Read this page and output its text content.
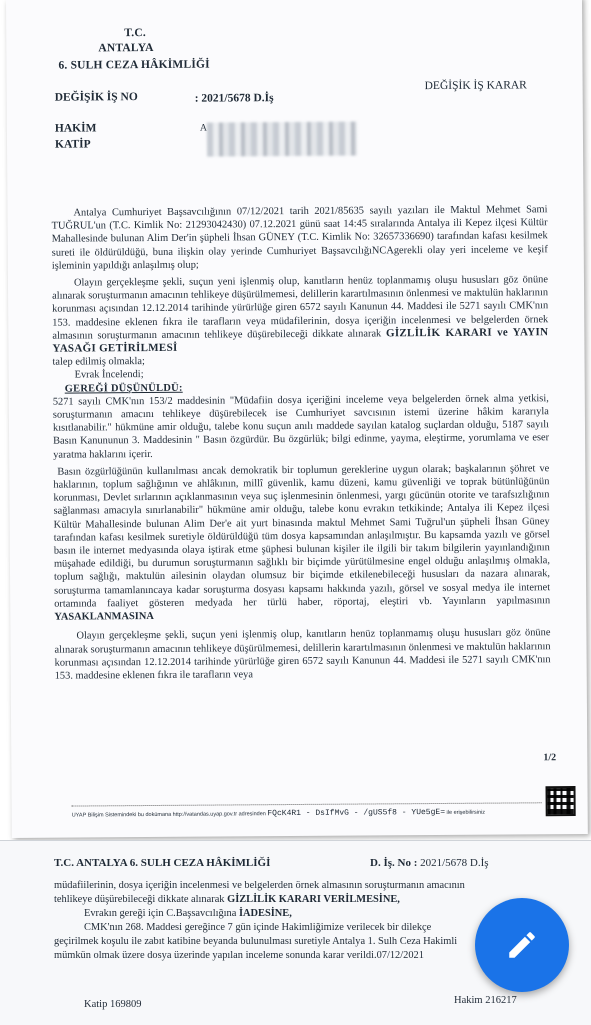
T.C.
ANTALYA
6. SULH CEZA HÂKİMLİĞİ
DEĞİŞİK İŞ KARAR
DEĞİŞİK İŞ NO	: 2021/5678 D.İş
HAKİM
KATİP
A

Antalya Cumhuriyet Başsavcılığının 07/12/2021 tarih 2021/85635 sayılı yazıları ile Maktul Mehmet Sami TUĞRUL'un (T.C. Kimlik No: 21293042430) 07.12.2021 günü saat 14:45 sıralarında Antalya ili Kepez ilçesi Kültür Mahallesinde bulunan Alim Der'in şüpheli İhsan GÜNEY (T.C. Kimlik No: 32657336690) tarafından kafası kesilmek sureti ile öldürüldüğü, buna ilişkin olay yerinde Cumhuriyet BaşsavcılığıNCAgerekli olay yeri inceleme ve keşif işleminin yapıldığı anlaşılmış olup;

Olayın gerçekleşme şekli, suçun yeni işlenmiş olup, kanıtların henüz toplanmamış oluşu hususları göz önüne alınarak soruşturmanın amacının tehlikeye düşürülmemesi, delillerin karartılmasının önlenmesi ve maktulün haklarının korunması açısından 12.12.2014 tarihinde yürürlüğe giren 6572 sayılı Kanunun 44. Maddesi ile 5271 sayılı CMK'nın 153. maddesine eklenen fıkra ile tarafların veya müdafilerinin, dosya içeriğin incelenmesi ve belgelerden örnek almasının soruşturmanın amacının tehlikeye düşürebileceği dikkate alınarak GİZLİLİK KARARI ve YAYIN YASAĞI GETİRİLMESİ

talep edilmiş olmakla;

Evrak İncelendi;

GEREĞİ DÜŞÜNÜLDÜ:

5271 sayılı CMK'nın 153/2 maddesinin "Müdafiin dosya içeriğini inceleme veya belgelerden örnek alma yetkisi, soruşturmanın amacını tehlikeye düşürebilecek ise Cumhuriyet savcısının istemi üzerine hâkim kararıyla kısıtlanabilir." hükmüne amir olduğu, talebe konu suçun anılı maddede sayılan katalog suçlardan olduğu, 5187 sayılı Basın Kanununun 3. Maddesinin " Basın özgürdür. Bu özgürlük; bilgi edinme, yayma, eleştirme, yorumlama ve eser yaratma haklarını içerir.

Basın özgürlüğünün kullanılması ancak demokratik bir toplumun gereklerine uygun olarak; başkalarının şöhret ve haklarının, toplum sağlığının ve ahlâkının, millî güvenlik, kamu düzeni, kamu güvenliği ve toprak bütünlüğünün korunması, Devlet sırlarının açıklanmasının veya suç işlenmesinin önlenmesi, yargı gücünün otorite ve tarafsızlığının sağlanması amacıyla sınırlanabilir" hükmüne amir olduğu, talebe konu evrakın tetkikinde; Antalya ili Kepez ilçesi Kültür Mahallesinde bulunan Alim Der'e ait yurt binasında maktul Mehmet Sami Tuğrul'un şüpheli İhsan Güney tarafından kafası kesilmek suretiyle öldürüldüğü tüm dosya kapsamından anlaşılmıştır. Bu kapsamda yazılı ve görsel basın ile internet medyasında olaya iştirak etme şüphesi bulunan kişiler ile ilgili bir takım bilgilerin yayınlandığının müşahade edildiği, bu durumun soruşturmanın sağlıklı bir biçimde yürütülmesine engel olduğu anlaşılmış olmakla, toplum sağlığı, maktulün ailesinin olaydan olumsuz bir biçimde etkilenebileceği hususları da nazara alınarak, soruşturma tamamlanıncaya kadar soruşturma dosyası kapsamı hakkında yazılı, görsel ve sosyal medya ile internet ortamında faaliyet gösteren medyada her türlü haber, röportaj, eleştiri vb. Yayınların yapılmasının YASAKLANMASINA

Olayın gerçekleşme şekli, suçun yeni işlenmiş olup, kanıtların henüz toplanmamış oluşu hususları göz önüne alınarak soruşturmanın amacının tehlikeye düşürülmemesi, delillerin karartılmasının önlenmesi ve maktulün haklarının korunması açısından 12.12.2014 tarihinde yürürlüğe giren 6572 sayılı Kanunun 44. Maddesi ile 5271 sayılı CMK'nın 153. maddesine eklenen fıkra ile tarafların veya

1/2
UYAP Bilişim Sistemindeki bu dokümana http://vatandas.uyap.gov.tr adresinden FQcK4R1 - DsIfMvG - /gUS5f8 - YUe5gE= ile erişebilirsiniz
T.C. ANTALYA 6. SULH CEZA HÂKİMLİĞİ	D. İş. No : 2021/5678 D.İş
müdafiilerinin, dosya içeriğin incelenmesi ve belgelerden örnek almasının soruşturmanın amacının
tehlikeye düşürebileceği dikkate alınarak GİZLİLİK KARARI VERİLMESİNE,
Evrakın gereği için C.Başsavcılığına İADESİNE,
CMK'nın 268. Maddesi gereğince 7 gün içinde Hakimliğimize verilecek bir dilekçe
geçirilmek koşulu ile zabıt katibine beyanda bulunulması suretiyle Antalya 1. Sulh Ceza Hakimli
mümkün olmak üzere dosya üzerinde yapılan inceleme sonunda karar verildi.07/12/2021
Katip 169809	Hakim 216217
